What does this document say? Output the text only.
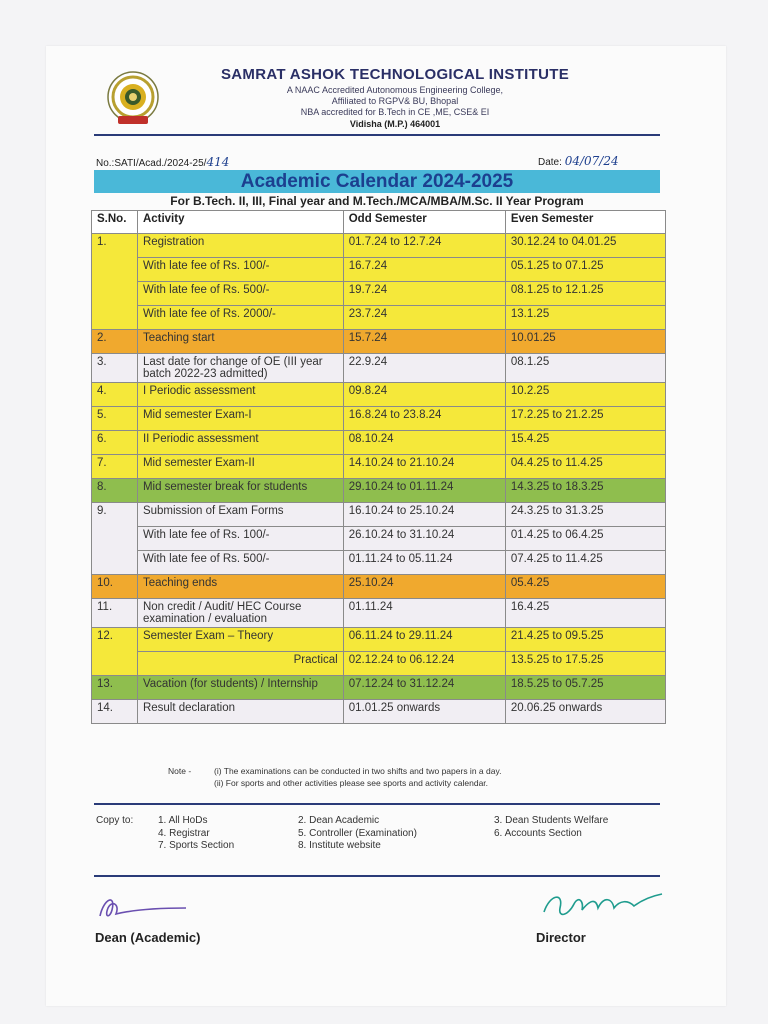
SAMRAT ASHOK TECHNOLOGICAL INSTITUTE
A NAAC Accredited Autonomous Engineering College,
Affiliated to RGPV& BU, Bhopal
NBA accredited for B.Tech in CE ,ME, CSE& EI
Vidisha (M.P.) 464001
No.:SATI/Acad./2024-25/414	Date: 04/07/24
Academic Calendar 2024-2025
For B.Tech. II, III, Final year and M.Tech./MCA/MBA/M.Sc. II Year Program
S.No.	Activity	Odd Semester	Even Semester
1.	Registration	01.7.24 to 12.7.24	30.12.24 to 04.01.25
	With late fee of Rs. 100/-	16.7.24	05.1.25 to 07.1.25
	With late fee of Rs. 500/-	19.7.24	08.1.25 to 12.1.25
	With late fee of Rs. 2000/-	23.7.24	13.1.25
2.	Teaching start	15.7.24	10.01.25
3.	Last date for change of OE (III year batch 2022-23 admitted)	22.9.24	08.1.25
4.	I Periodic assessment	09.8.24	10.2.25
5.	Mid semester Exam-I	16.8.24 to 23.8.24	17.2.25 to 21.2.25
6.	II Periodic assessment	08.10.24	15.4.25
7.	Mid semester Exam-II	14.10.24 to 21.10.24	04.4.25 to 11.4.25
8.	Mid semester break for students	29.10.24 to 01.11.24	14.3.25 to 18.3.25
9.	Submission of Exam Forms	16.10.24 to 25.10.24	24.3.25 to 31.3.25
	With late fee of Rs. 100/-	26.10.24 to 31.10.24	01.4.25 to 06.4.25
	With late fee of Rs. 500/-	01.11.24 to 05.11.24	07.4.25 to 11.4.25
10.	Teaching ends	25.10.24	05.4.25
11.	Non credit / Audit/ HEC Course examination / evaluation	01.11.24	16.4.25
12.	Semester Exam – Theory	06.11.24 to 29.11.24	21.4.25 to 09.5.25
	Practical	02.12.24 to 06.12.24	13.5.25 to 17.5.25
13.	Vacation (for students) / Internship	07.12.24 to 31.12.24	18.5.25 to 05.7.25
14.	Result declaration	01.01.25 onwards	20.06.25 onwards
Note -	(i) The examinations can be conducted in two shifts and two papers in a day.
(ii) For sports and other activities please see sports and activity calendar.
Copy to: 1. All HoDs
4. Registrar
7. Sports Section
2. Dean Academic
5. Controller (Examination)
8. Institute website
3. Dean Students Welfare
6. Accounts Section
Dean (Academic)	Director
